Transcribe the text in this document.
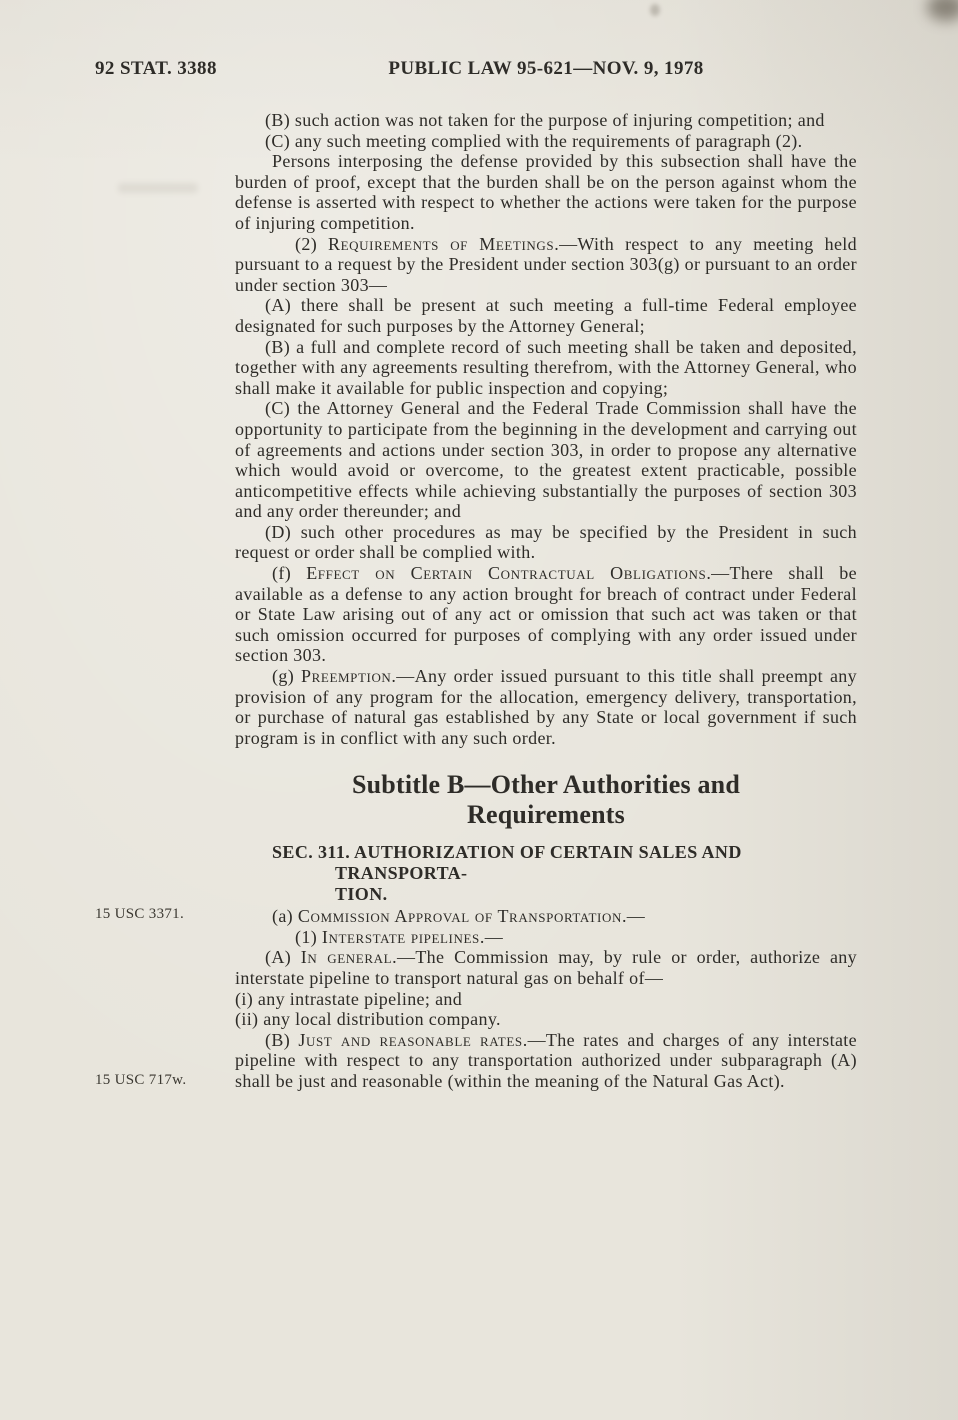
92 STAT. 3388	PUBLIC LAW 95-621—NOV. 9, 1978
15 USC 3371.
15 USC 717w.

(B) such action was not taken for the purpose of injuring competition; and

(C) any such meeting complied with the requirements of paragraph (2).

Persons interposing the defense provided by this subsection shall have the burden of proof, except that the burden shall be on the person against whom the defense is asserted with respect to whether the actions were taken for the purpose of injuring competition.

(2) Requirements of Meetings.—With respect to any meeting held pursuant to a request by the President under section 303(g) or pursuant to an order under section 303—

(A) there shall be present at such meeting a full-time Federal employee designated for such purposes by the Attorney General;

(B) a full and complete record of such meeting shall be taken and deposited, together with any agreements resulting therefrom, with the Attorney General, who shall make it available for public inspection and copying;

(C) the Attorney General and the Federal Trade Commission shall have the opportunity to participate from the beginning in the development and carrying out of agreements and actions under section 303, in order to propose any alternative which would avoid or overcome, to the greatest extent practicable, possible anticompetitive effects while achieving substantially the purposes of section 303 and any order thereunder; and

(D) such other procedures as may be specified by the President in such request or order shall be complied with.

(f) Effect on Certain Contractual Obligations.—There shall be available as a defense to any action brought for breach of contract under Federal or State Law arising out of any act or omission that such act was taken or that such omission occurred for purposes of complying with any order issued under section 303.

(g) Preemption.—Any order issued pursuant to this title shall preempt any provision of any program for the allocation, emergency delivery, transportation, or purchase of natural gas established by any State or local government if such program is in conflict with any such order.

Subtitle B—Other Authorities and Requirements

SEC. 311. AUTHORIZATION OF CERTAIN SALES AND TRANSPORTA-
TION.

(a) Commission Approval of Transportation.—

(1) Interstate pipelines.—

(A) In general.—The Commission may, by rule or order, authorize any interstate pipeline to transport natural gas on behalf of—

(i) any intrastate pipeline; and

(ii) any local distribution company.

(B) Just and reasonable rates.—The rates and charges of any interstate pipeline with respect to any transportation authorized under subparagraph (A) shall be just and reasonable (within the meaning of the Natural Gas Act).
